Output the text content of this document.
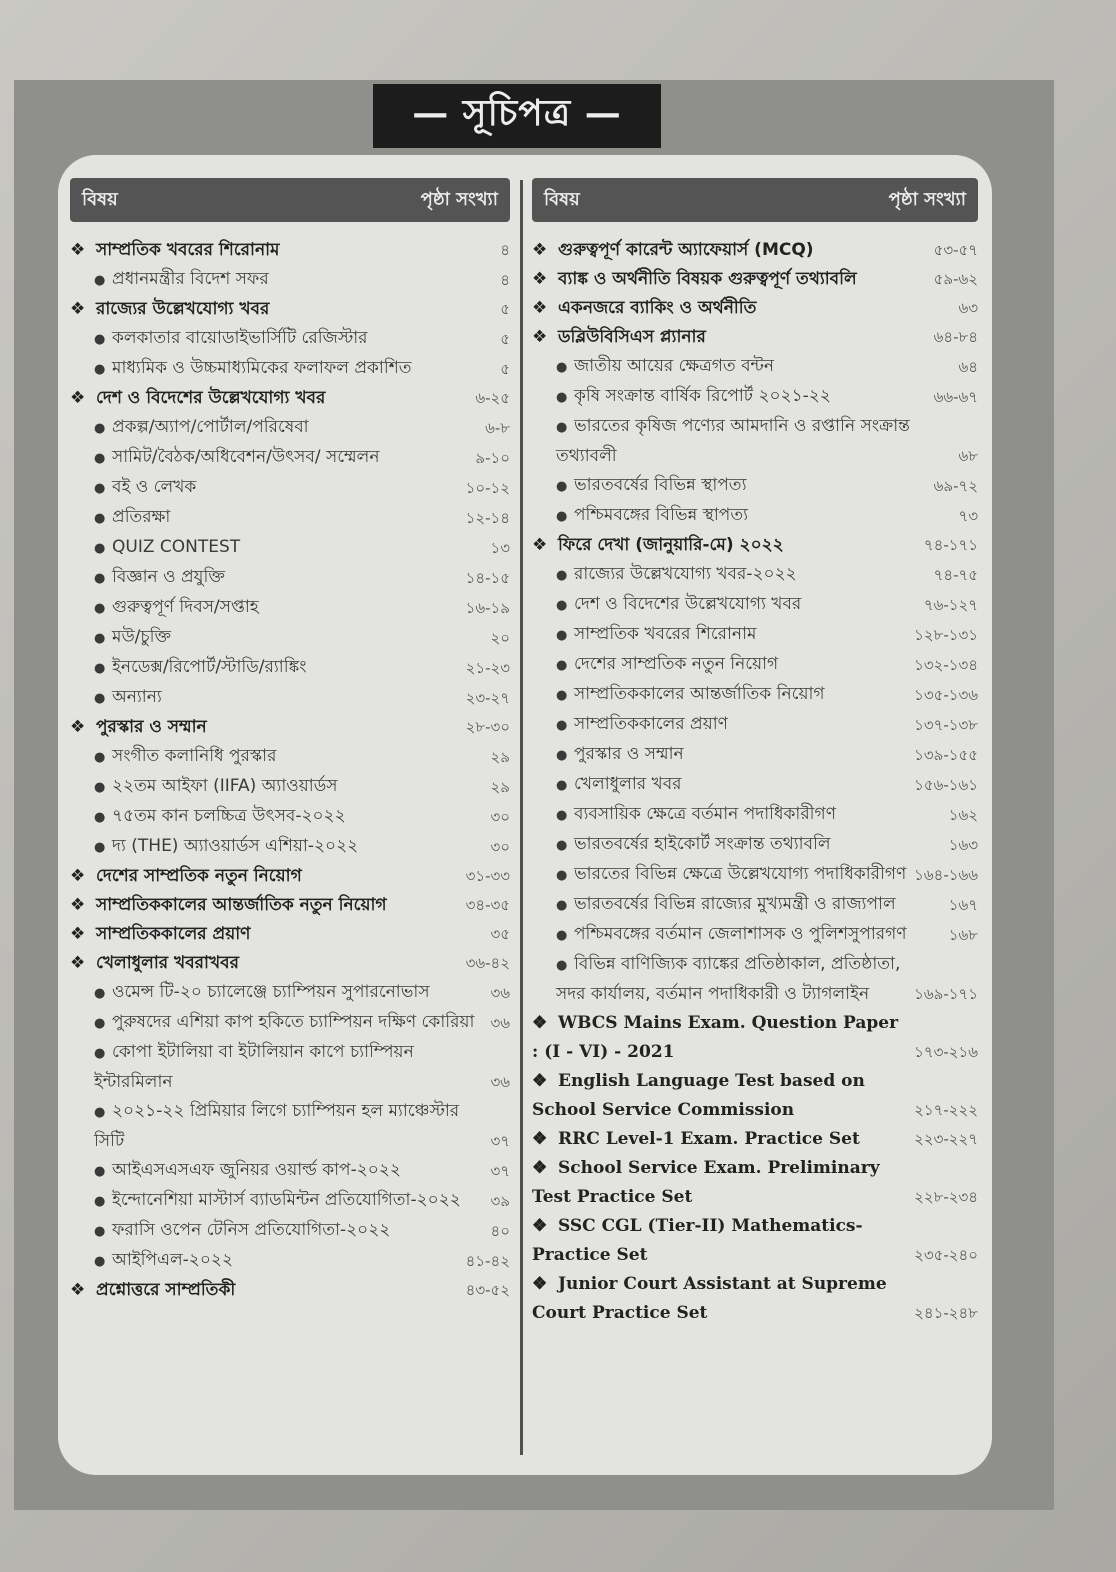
— সূচিপত্র —
বিষয়	পৃষ্ঠা সংখ্যা
❖ সাম্প্রতিক খবরের শিরোনাম	৪
● প্রধানমন্ত্রীর বিদেশ সফর	৪
❖ রাজ্যের উল্লেখযোগ্য খবর	৫
● কলকাতার বায়োডাইভার্সিটি রেজিস্টার	৫
● মাধ্যমিক ও উচ্চমাধ্যমিকের ফলাফল প্রকাশিত	৫
❖ দেশ ও বিদেশের উল্লেখযোগ্য খবর	৬-২৫
● প্রকল্প/অ্যাপ/পোর্টাল/পরিষেবা	৬-৮
● সামিট/বৈঠক/অধিবেশন/উৎসব/ সম্মেলন	৯-১০
● বই ও লেখক	১০-১২
● প্রতিরক্ষা	১২-১৪
● QUIZ CONTEST	১৩
● বিজ্ঞান ও প্রযুক্তি	১৪-১৫
● গুরুত্বপূর্ণ দিবস/সপ্তাহ	১৬-১৯
● মউ/চুক্তি	২০
● ইনডেক্স/রিপোর্ট/স্টাডি/র‍্যাঙ্কিং	২১-২৩
● অন্যান্য	২৩-২৭
❖ পুরস্কার ও সম্মান	২৮-৩০
● সংগীত কলানিধি পুরস্কার	২৯
● ২২তম আইফা (IIFA) অ্যাওয়ার্ডস	২৯
● ৭৫তম কান চলচ্চিত্র উৎসব-২০২২	৩০
● দ্য (THE) অ্যাওয়ার্ডস এশিয়া-২০২২	৩০
❖ দেশের সাম্প্রতিক নতুন নিয়োগ	৩১-৩৩
❖ সাম্প্রতিককালের আন্তর্জাতিক নতুন নিয়োগ	৩৪-৩৫
❖ সাম্প্রতিককালের প্রয়াণ	৩৫
❖ খেলাধুলার খবরাখবর	৩৬-৪২
● ওমেন্স টি-২০ চ্যালেঞ্জে চ্যাম্পিয়ন সুপারনোভাস	৩৬
● পুরুষদের এশিয়া কাপ হকিতে চ্যাম্পিয়ন দক্ষিণ কোরিয়া	৩৬
● কোপা ইটালিয়া বা ইটালিয়ান কাপে চ্যাম্পিয়ন ইন্টারমিলান	৩৬
● ২০২১-২২ প্রিমিয়ার লিগে চ্যাম্পিয়ন হল ম্যাঞ্চেস্টার সিটি	৩৭
● আইএসএসএফ জুনিয়র ওয়ার্ল্ড কাপ-২০২২	৩৭
● ইন্দোনেশিয়া মাস্টার্স ব্যাডমিন্টন প্রতিযোগিতা-২০২২	৩৯
● ফরাসি ওপেন টেনিস প্রতিযোগিতা-২০২২	৪০
● আইপিএল-২০২২	৪১-৪২
❖ প্রশ্নোত্তরে সাম্প্রতিকী	৪৩-৫২
বিষয়	পৃষ্ঠা সংখ্যা
❖ গুরুত্বপূর্ণ কারেন্ট অ্যাফেয়ার্স (MCQ)	৫৩-৫৭
❖ ব্যাঙ্ক ও অর্থনীতি বিষয়ক গুরুত্বপূর্ণ তথ্যাবলি	৫৯-৬২
❖ একনজরে ব্যাকিং ও অর্থনীতি	৬৩
❖ ডব্লিউবিসিএস প্ল্যানার	৬৪-৮৪
● জাতীয় আয়ের ক্ষেত্রগত বন্টন	৬৪
● কৃষি সংক্রান্ত বার্ষিক রিপোর্ট ২০২১-২২	৬৬-৬৭
● ভারতের কৃষিজ পণ্যের আমদানি ও রপ্তানি সংক্রান্ত তথ্যাবলী	৬৮
● ভারতবর্ষের বিভিন্ন স্থাপত্য	৬৯-৭২
● পশ্চিমবঙ্গের বিভিন্ন স্থাপত্য	৭৩
❖ ফিরে দেখা (জানুয়ারি-মে) ২০২২	৭৪-১৭১
● রাজ্যের উল্লেখযোগ্য খবর-২০২২	৭৪-৭৫
● দেশ ও বিদেশের উল্লেখযোগ্য খবর	৭৬-১২৭
● সাম্প্রতিক খবরের শিরোনাম	১২৮-১৩১
● দেশের সাম্প্রতিক নতুন নিয়োগ	১৩২-১৩৪
● সাম্প্রতিককালের আন্তর্জাতিক নিয়োগ	১৩৫-১৩৬
● সাম্প্রতিককালের প্রয়াণ	১৩৭-১৩৮
● পুরস্কার ও সম্মান	১৩৯-১৫৫
● খেলাধুলার খবর	১৫৬-১৬১
● ব্যবসায়িক ক্ষেত্রে বর্তমান পদাধিকারীগণ	১৬২
● ভারতবর্ষের হাইকোর্ট সংক্রান্ত তথ্যাবলি	১৬৩
● ভারতের বিভিন্ন ক্ষেত্রে উল্লেখযোগ্য পদাধিকারীগণ ১৬৪-১৬৬
● ভারতবর্ষের বিভিন্ন রাজ্যের মুখ্যমন্ত্রী ও রাজ্যপাল	১৬৭
● পশ্চিমবঙ্গের বর্তমান জেলাশাসক ও পুলিশসুপারগণ	১৬৮
● বিভিন্ন বাণিজ্যিক ব্যাঙ্কের প্রতিষ্ঠাকাল, প্রতিষ্ঠাতা, সদর কার্যালয়, বর্তমান পদাধিকারী ও ট্যাগলাইন	১৬৯-১৭১
❖ WBCS Mains Exam. Question Paper : (I - VI) - 2021	১৭৩-২১৬
❖ English Language Test based on School Service Commission	২১৭-২২২
❖ RRC Level-1 Exam. Practice Set	২২৩-২২৭
❖ School Service Exam. Preliminary Test Practice Set	২২৮-২৩৪
❖ SSC CGL (Tier-II) Mathematics- Practice Set	২৩৫-২৪০
❖ Junior Court Assistant at Supreme Court Practice Set	২৪১-২৪৮
